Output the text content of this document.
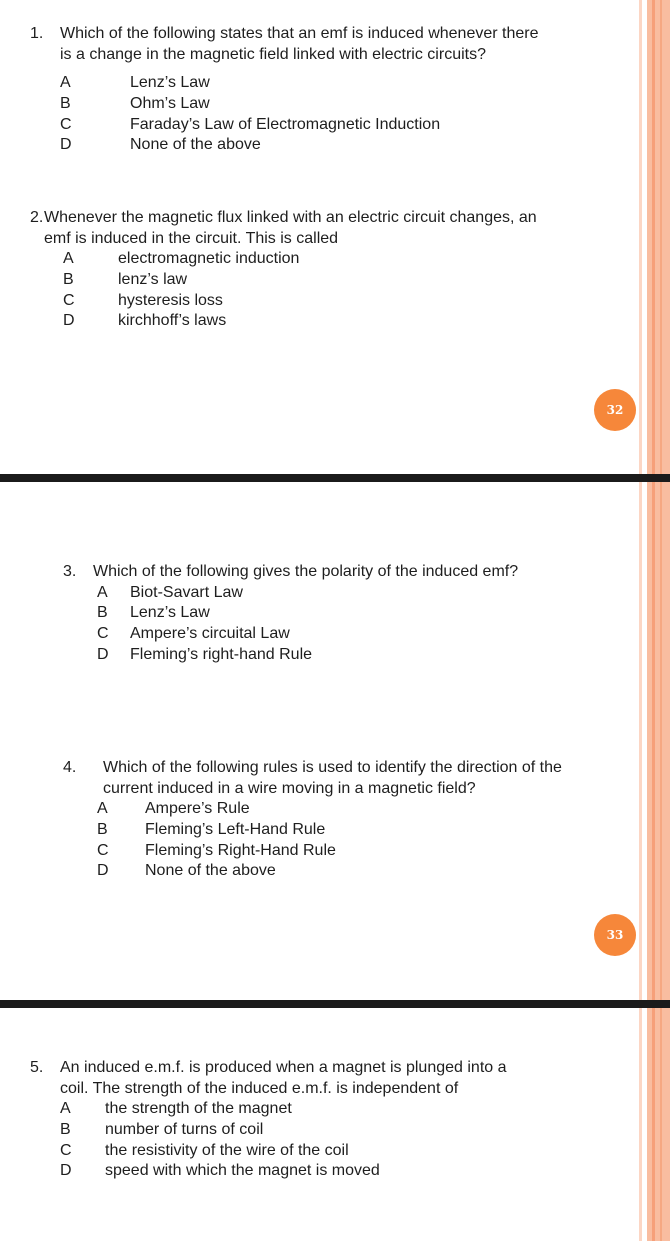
32
33
1. Which of the following states that an emf is induced whenever there
is a change in the magnetic field linked with electric circuits?
A	Lenz’s Law
B	Ohm’s Law
C	Faraday’s Law of Electromagnetic Induction
D	None of the above
2. Whenever the magnetic flux linked with an electric circuit changes, an
emf is induced in the circuit. This is called
A	electromagnetic induction
B	lenz’s law
C	hysteresis loss
D	kirchhoff’s laws
3. Which of the following gives the polarity of the induced emf?
A Biot-Savart Law
B Lenz’s Law
C Ampere’s circuital Law
D Fleming’s right-hand Rule
4. Which of the following rules is used to identify the direction of the
current induced in a wire moving in a magnetic field?
A Ampere’s Rule
B Fleming’s Left-Hand Rule
C Fleming’s Right-Hand Rule
D None of the above
5. An induced e.m.f. is produced when a magnet is plunged into a
coil. The strength of the induced e.m.f. is independent of
A the strength of the magnet
B number of turns of coil
C the resistivity of the wire of the coil
D speed with which the magnet is moved
